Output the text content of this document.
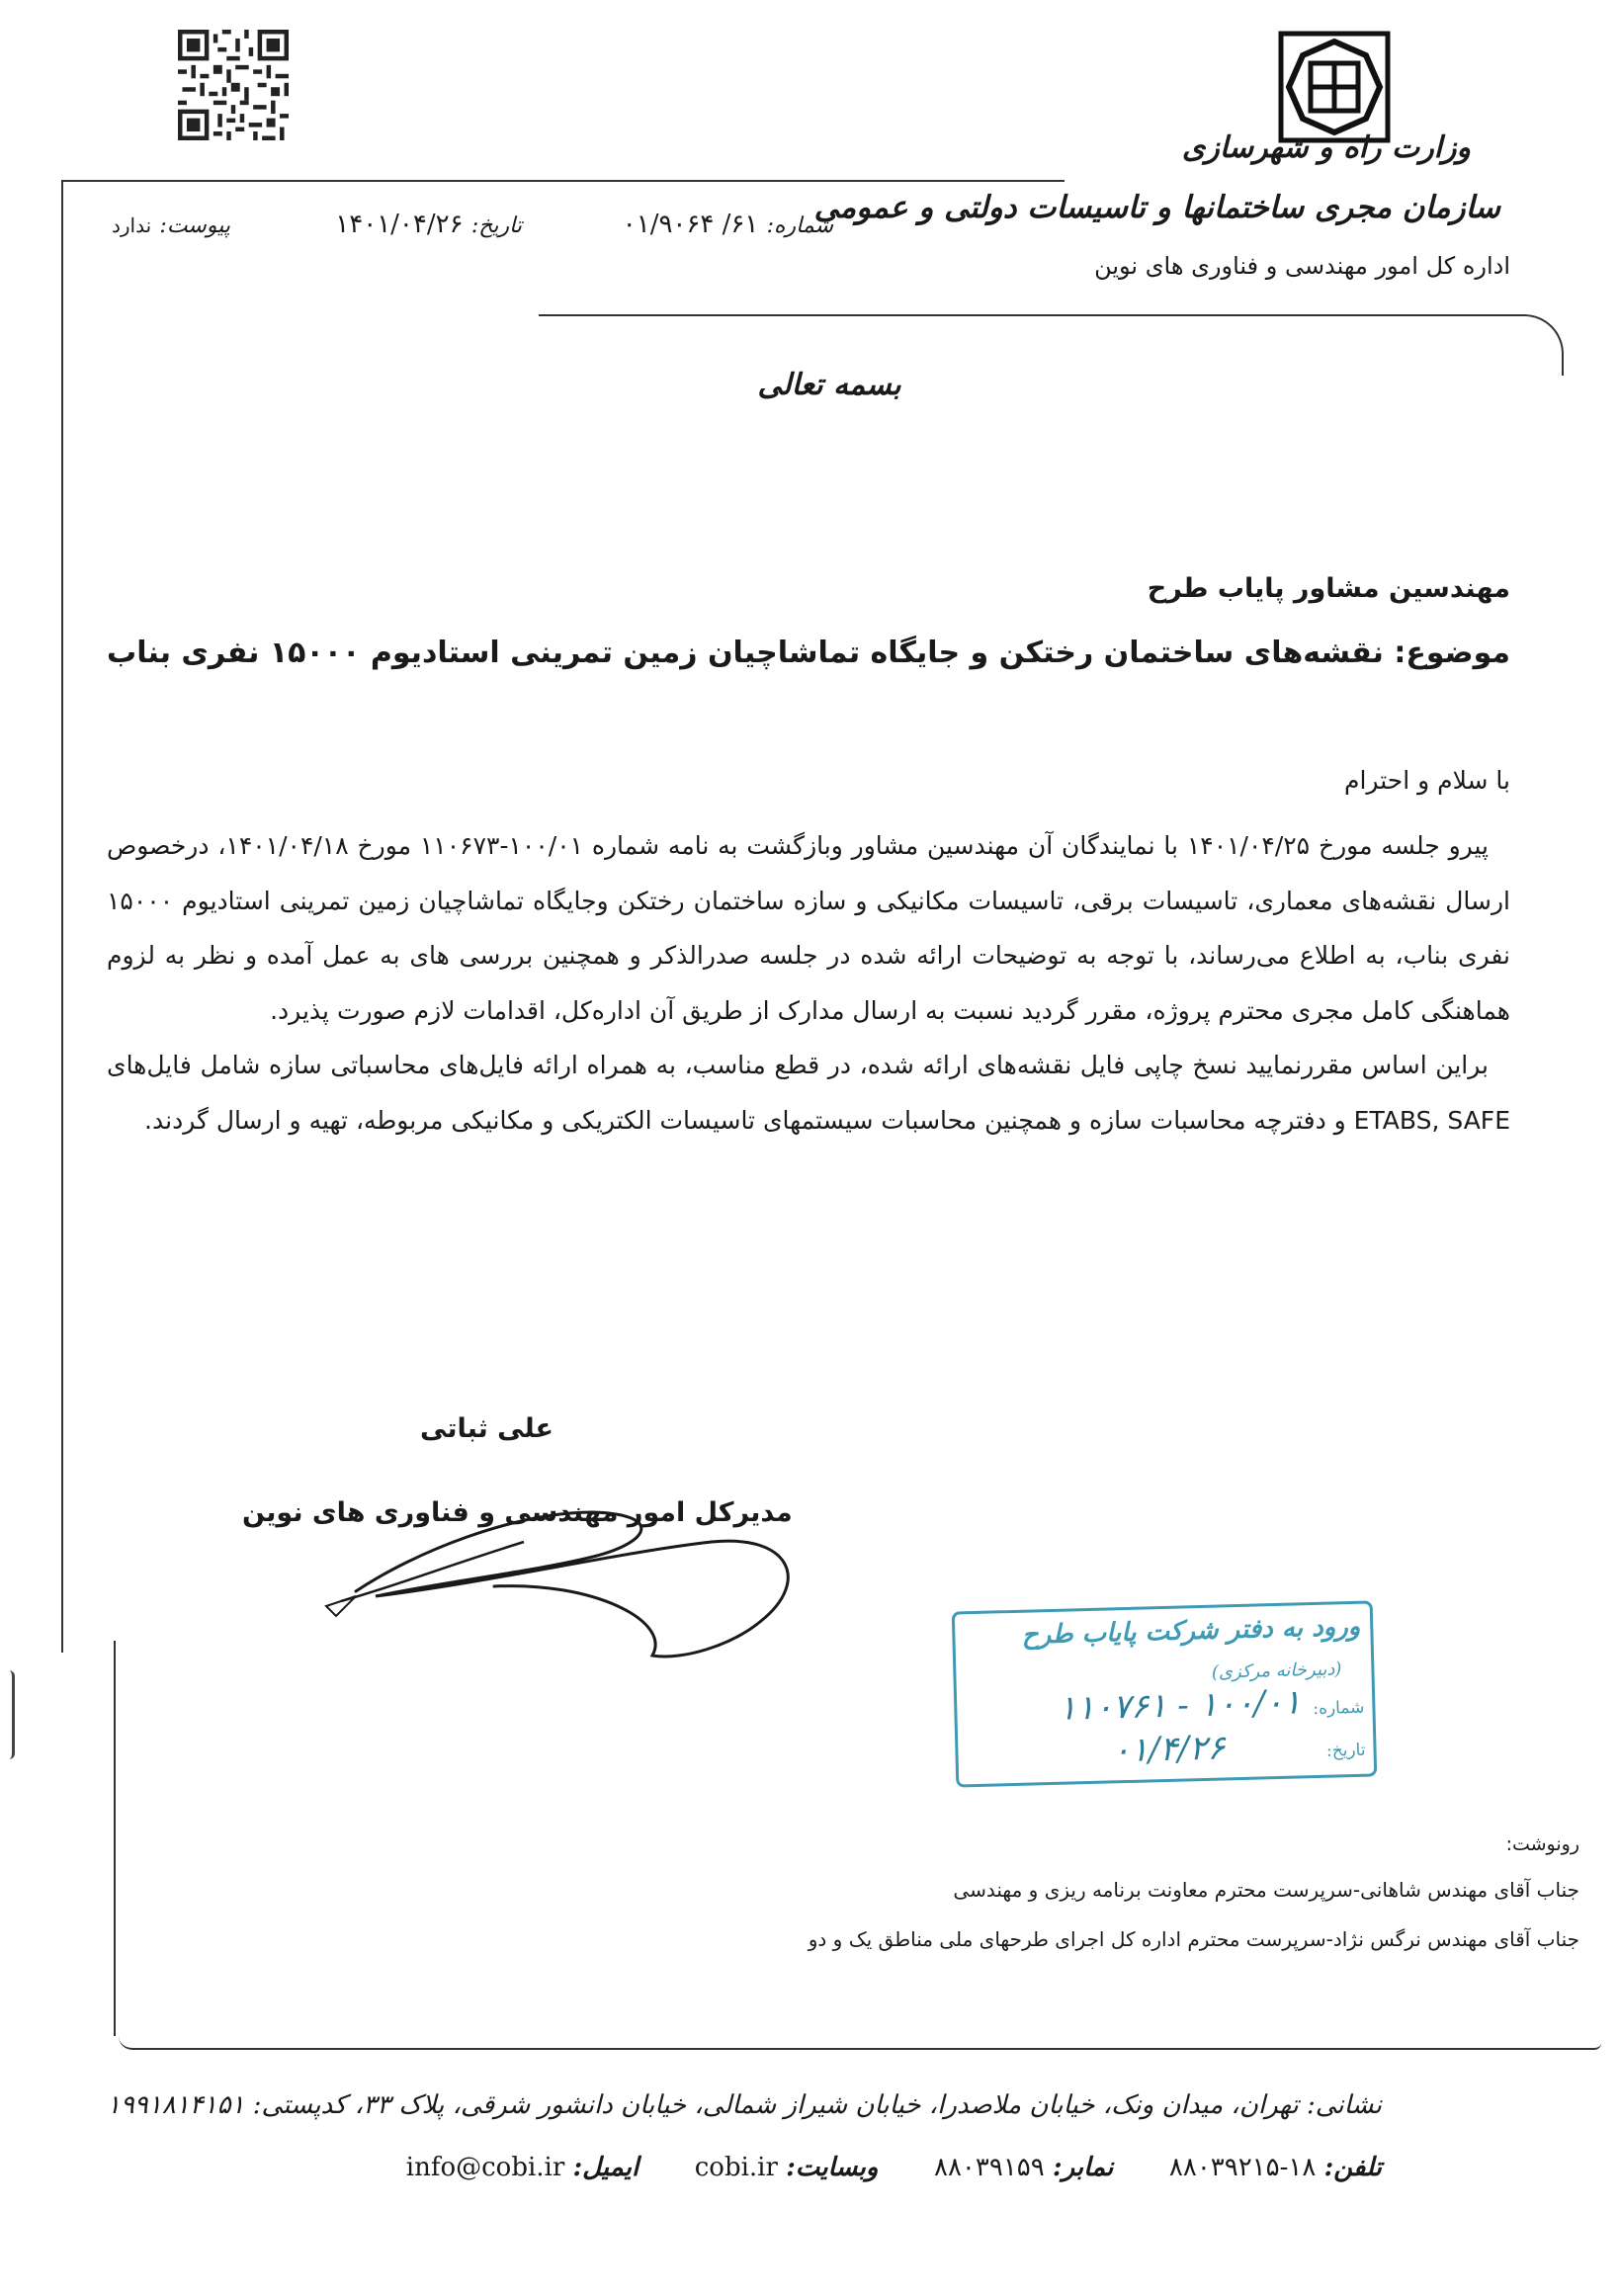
وزارت راه و شهرسازی
سازمان مجری ساختمانها و تاسیسات دولتی و عمومی
اداره کل امور مهندسی و فناوری های نوین
شماره: ۶۱/ ۰۱/۹۰۶۴
تاریخ: ۱۴۰۱/۰۴/۲۶
پیوست: ندارد
بسمه تعالی
مهندسین مشاور پایاب طرح
موضوع: نقشه‌های ساختمان رختکن و جایگاه تماشاچیان زمین تمرینی استادیوم ۱۵۰۰۰ نفری بناب
با سلام و احترام

پیرو جلسه مورخ ۱۴۰۱/۰۴/۲۵ با نمایندگان آن مهندسین مشاور وبازگشت به نامه شماره ۱۰۰/۰۱-۱۱۰۶۷۳ مورخ ۱۴۰۱/۰۴/۱۸، درخصوص ارسال نقشه‌های معماری، تاسیسات برقی، تاسیسات مکانیکی و سازه ساختمان رختکن وجایگاه تماشاچیان زمین تمرینی استادیوم ۱۵۰۰۰ نفری بناب، به اطلاع می‌رساند، با توجه به توضیحات ارائه شده در جلسه صدرالذکر و همچنین بررسی های به عمل آمده و نظر به لزوم هماهنگی کامل مجری محترم پروژه، مقرر گردید نسبت به ارسال مدارک از طریق آن اداره‌کل، اقدامات لازم صورت پذیرد.

براین اساس مقررنمایید نسخ چاپی فایل نقشه‌های ارائه شده، در قطع مناسب، به همراه ارائه فایل‌های محاسباتی سازه شامل فایل‌های ETABS, SAFE و دفترچه محاسبات سازه و همچنین محاسبات سیستمهای تاسیسات الکتریکی و مکانیکی مربوطه، تهیه و ارسال گردند.

علی ثباتی
مدیرکل امور مهندسی و فناوری های نوین
ورود به دفتر شرکت پایاب طرح
(دبیرخانه مرکزی)
شماره:
۱۰۰/۰۱ - ۱۱۰۷۶۱
تاریخ:
۰۱/۴/۲۶
رونوشت:
جناب آقای مهندس شاهانی-سرپرست محترم معاونت برنامه ریزی و مهندسی
جناب آقای مهندس نرگس نژاد-سرپرست محترم اداره کل اجرای طرحهای ملی مناطق یک و دو
نشانی: تهران، میدان ونک، خیابان ملاصدرا، خیابان شیراز شمالی، خیابان دانشور شرقی، پلاک ۳۳، کدپستی: ۱۹۹۱۸۱۴۱۵۱
تلفن: ۱۸-۸۸۰۳۹۲۱۵  نمابر: ۸۸۰۳۹۱۵۹  وبسایت: cobi.ir  ایمیل: info@cobi.ir
